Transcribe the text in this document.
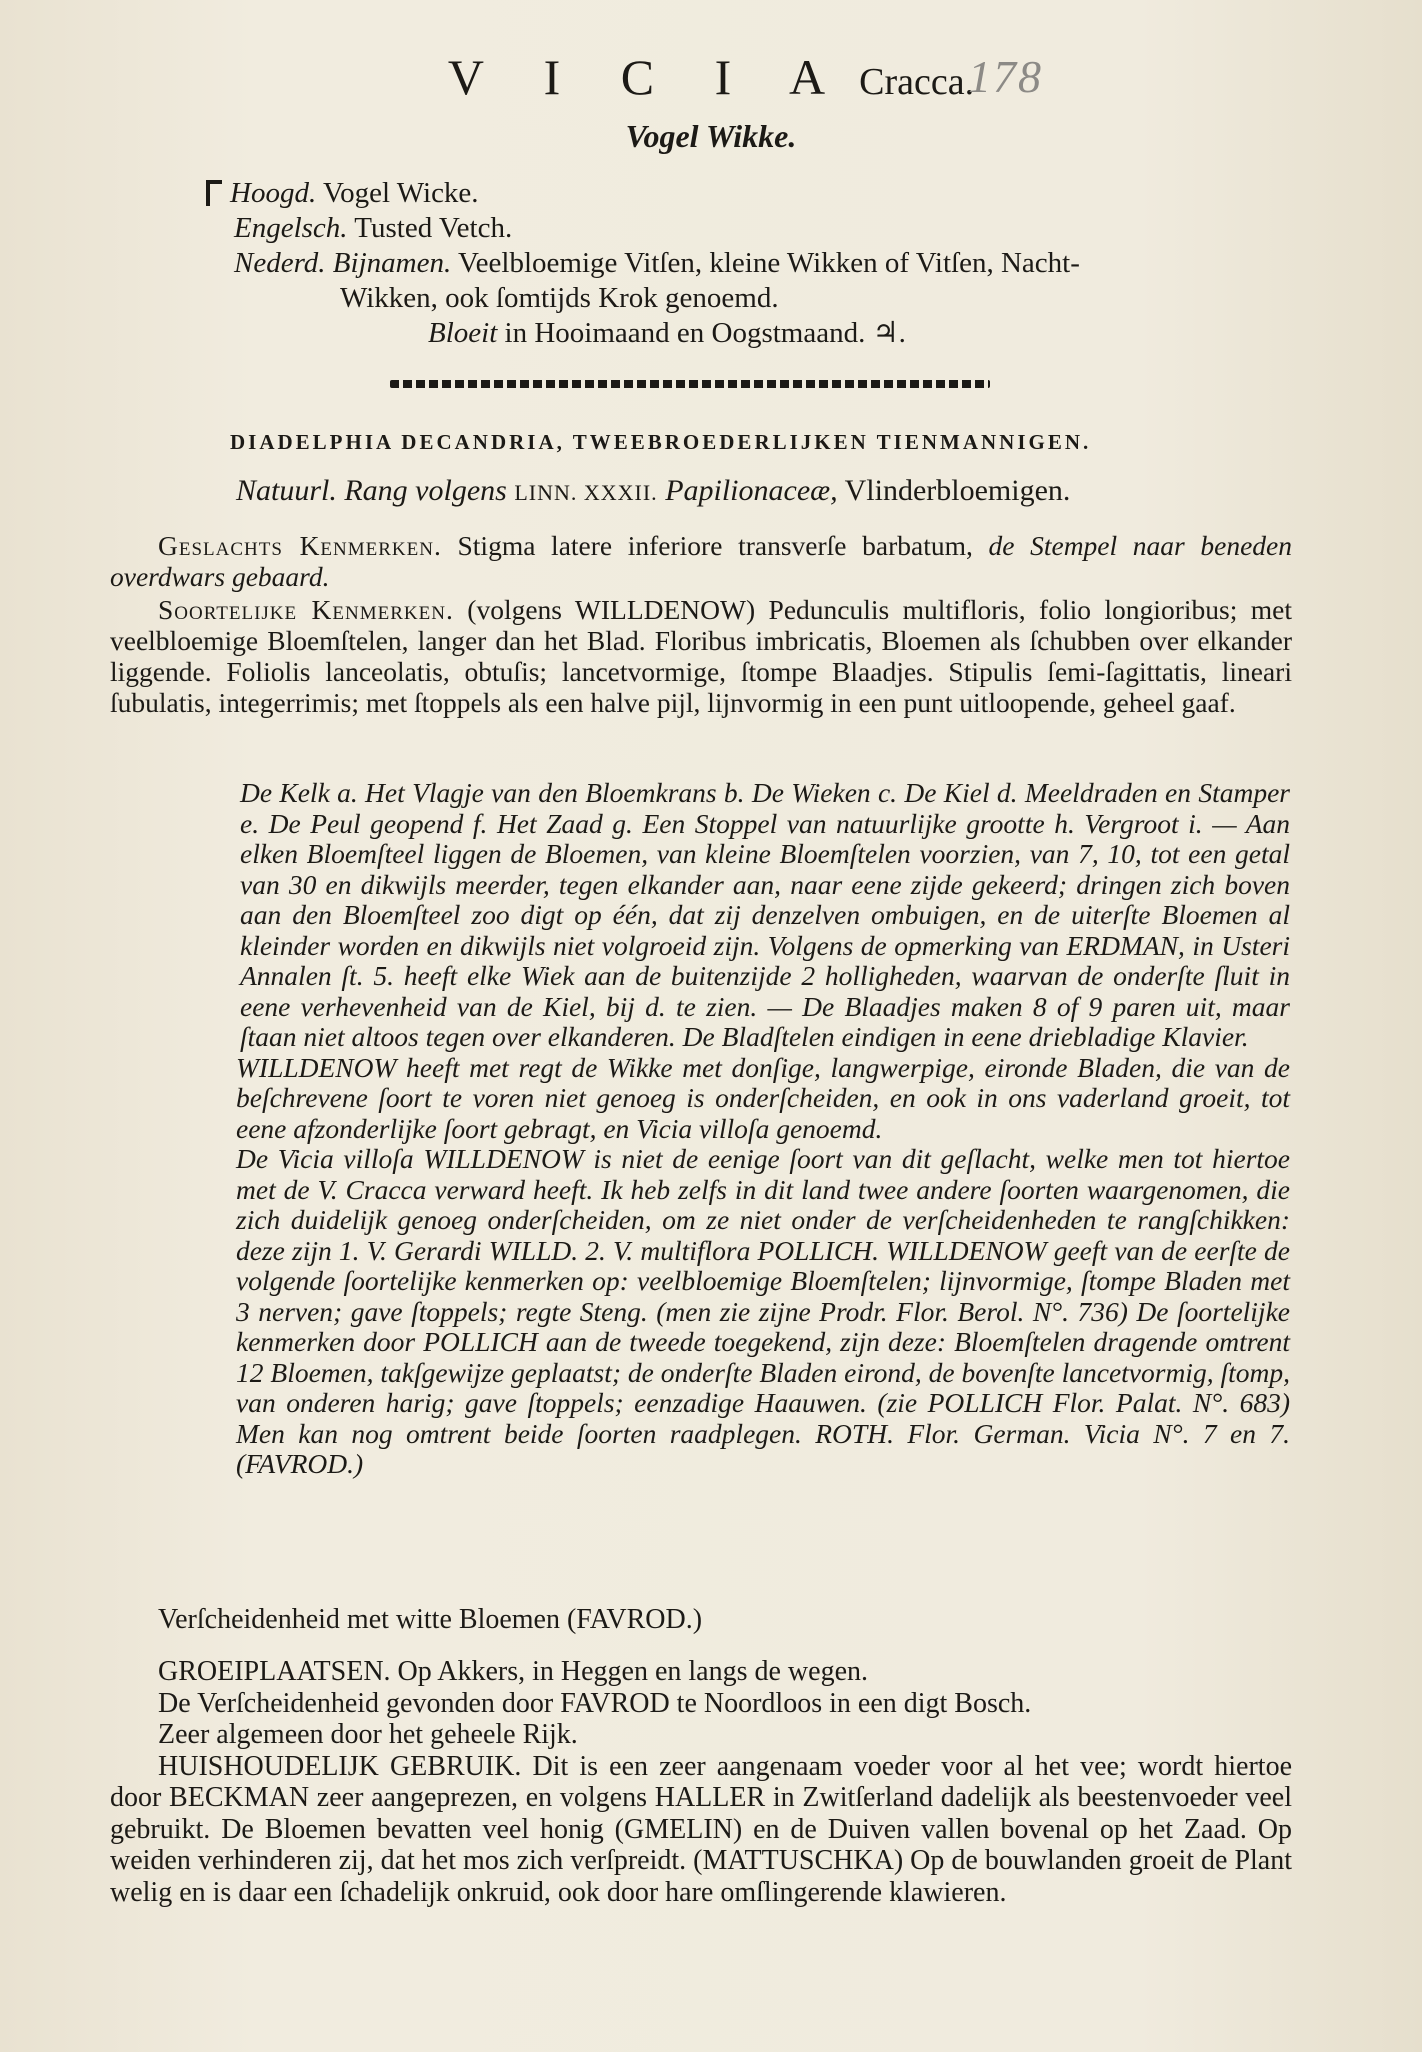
V I C I A Cracca.
178
Vogel Wikke.
Hoogd. Vogel Wicke.
Engelsch. Tusted Vetch.
Nederd. Bijnamen. Veelbloemige Vitſen, kleine Wikken of Vitſen, Nacht-
Wikken, ook ſomtijds Krok genoemd.
Bloeit in Hooimaand en Oogstmaand. ♃.
DIADELPHIA DECANDRIA, TWEEBROEDERLIJKEN TIENMANNIGEN.
Natuurl. Rang volgens LINN. XXXII. Papilionaceæ, Vlinderbloemigen.

Geslachts Kenmerken. Stigma latere inferiore transverſe barbatum, de Stempel naar beneden overdwars gebaard.

Soortelijke Kenmerken. (volgens WILLDENOW) Pedunculis multifloris, folio longioribus; met veelbloemige Bloemſtelen, langer dan het Blad. Floribus imbricatis, Bloemen als ſchubben over elkander liggende. Foliolis lanceolatis, obtuſis; lancetvormige, ſtompe Blaadjes. Stipulis ſemi-ſagittatis, lineari ſubulatis, integerrimis; met ſtoppels als een halve pijl, lijnvormig in een punt uitloopende, geheel gaaf.

De Kelk a. Het Vlagje van den Bloemkrans b. De Wieken c. De Kiel d. Meeldraden en Stamper e. De Peul geopend f. Het Zaad g. Een Stoppel van natuurlijke grootte h. Vergroot i. — Aan elken Bloemſteel liggen de Bloemen, van kleine Bloemſtelen voorzien, van 7, 10, tot een getal van 30 en dikwijls meerder, tegen elkander aan, naar eene zijde gekeerd; dringen zich boven aan den Bloemſteel zoo digt op één, dat zij denzelven ombuigen, en de uiterſte Bloemen al kleinder worden en dikwijls niet volgroeid zijn. Volgens de opmerking van ERDMAN, in Usteri Annalen ſt. 5. heeft elke Wiek aan de buitenzijde 2 holligheden, waarvan de onderſte ſluit in eene verhevenheid van de Kiel, bij d. te zien. — De Blaadjes maken 8 of 9 paren uit, maar ſtaan niet altoos tegen over elkanderen. De Bladſtelen eindigen in eene driebladige Klavier.

WILLDENOW heeft met regt de Wikke met donſige, langwerpige, eironde Bladen, die van de beſchrevene ſoort te voren niet genoeg is onderſcheiden, en ook in ons vaderland groeit, tot eene afzonderlijke ſoort gebragt, en Vicia villoſa genoemd.

De Vicia villoſa WILLDENOW is niet de eenige ſoort van dit geſlacht, welke men tot hiertoe met de V. Cracca verward heeft. Ik heb zelfs in dit land twee andere ſoorten waargenomen, die zich duidelijk genoeg onderſcheiden, om ze niet onder de verſcheidenheden te rangſchikken: deze zijn 1. V. Gerardi WILLD. 2. V. multiflora POLLICH. WILLDENOW geeft van de eerſte de volgende ſoortelijke kenmerken op: veelbloemige Bloemſtelen; lijnvormige, ſtompe Bladen met 3 nerven; gave ſtoppels; regte Steng. (men zie zijne Prodr. Flor. Berol. N°. 736) De ſoortelijke kenmerken door POLLICH aan de tweede toegekend, zijn deze: Bloemſtelen dragende omtrent 12 Bloemen, takſgewijze geplaatst; de onderſte Bladen eirond, de bovenſte lancetvormig, ſtomp, van onderen harig; gave ſtoppels; eenzadige Haauwen. (zie POLLICH Flor. Palat. N°. 683) Men kan nog omtrent beide ſoorten raadplegen. ROTH. Flor. German. Vicia N°. 7 en 7. (FAVROD.)

Verſcheidenheid met witte Bloemen (FAVROD.)

GROEIPLAATSEN. Op Akkers, in Heggen en langs de wegen.

De Verſcheidenheid gevonden door FAVROD te Noordloos in een digt Bosch.

Zeer algemeen door het geheele Rijk.

HUISHOUDELIJK GEBRUIK. Dit is een zeer aangenaam voeder voor al het vee; wordt hiertoe door BECKMAN zeer aangeprezen, en volgens HALLER in Zwitſerland dadelijk als beestenvoeder veel gebruikt. De Bloemen bevatten veel honig (GMELIN) en de Duiven vallen bovenal op het Zaad. Op weiden verhinderen zij, dat het mos zich verſpreidt. (MATTUSCHKA) Op de bouwlanden groeit de Plant welig en is daar een ſchadelijk onkruid, ook door hare omſlingerende klawieren.
